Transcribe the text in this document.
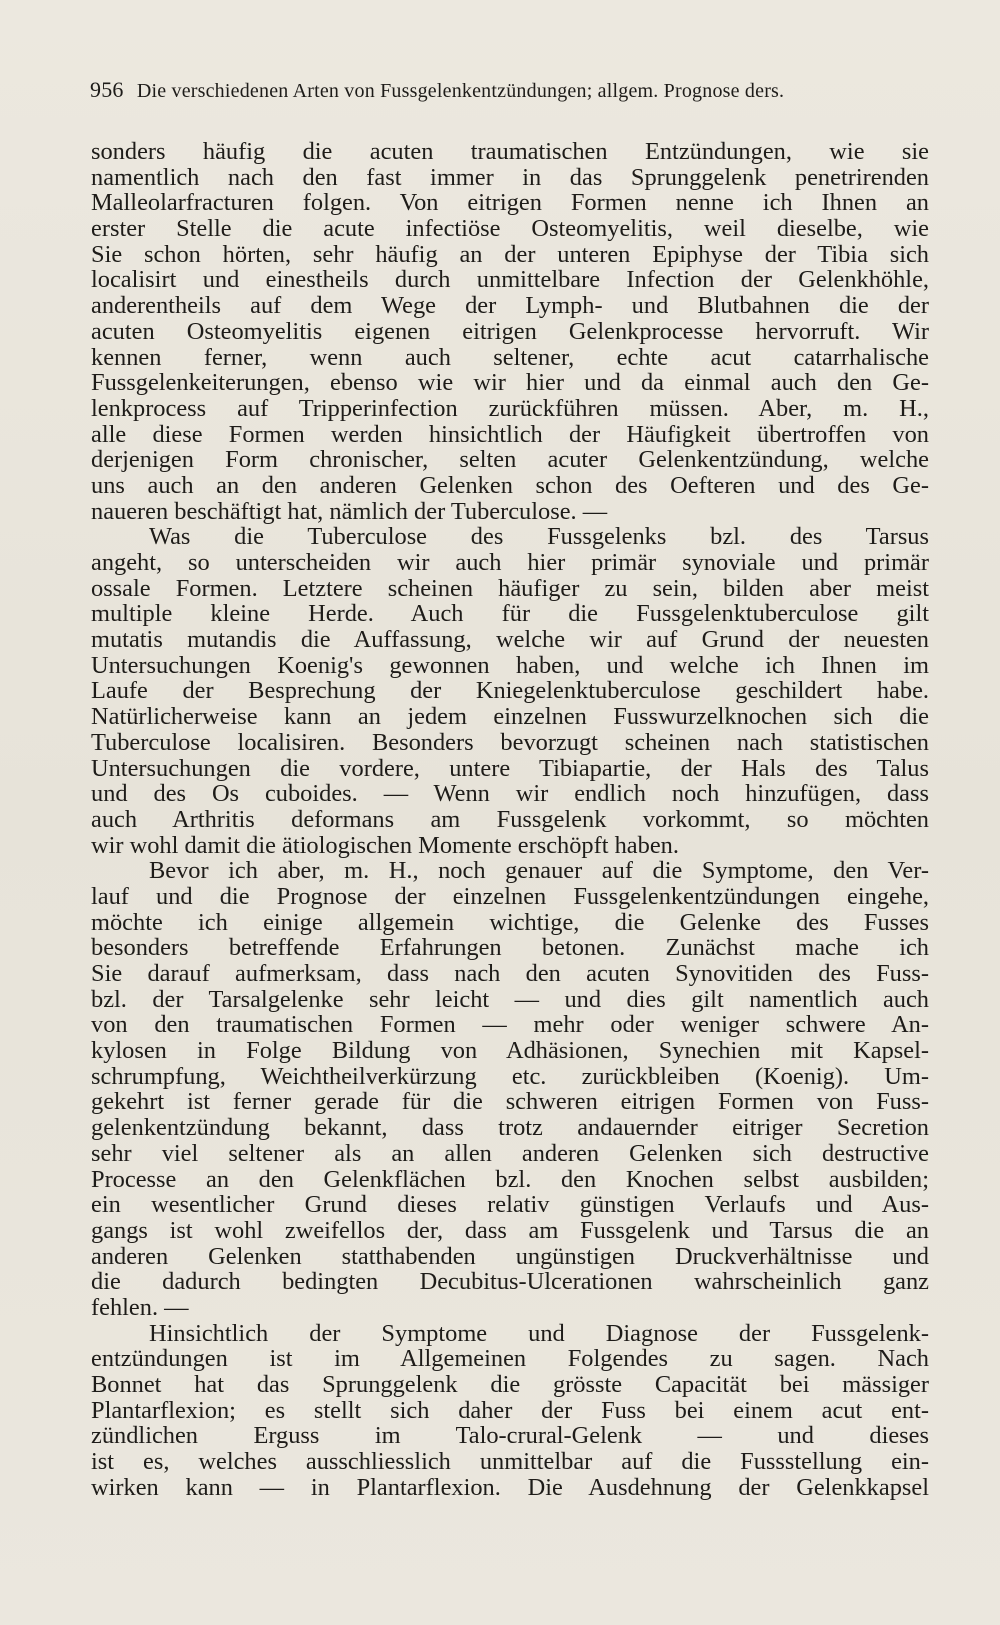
956 Die verschiedenen Arten von Fussgelenkentzündungen; allgem. Prognose ders.
sonders häufig die acuten traumatischen Entzündungen, wie sie
namentlich nach den fast immer in das Sprunggelenk penetrirenden
Malleolarfracturen folgen. Von eitrigen Formen nenne ich Ihnen an
erster Stelle die acute infectiöse Osteomyelitis, weil dieselbe, wie
Sie schon hörten, sehr häufig an der unteren Epiphyse der Tibia sich
localisirt und einestheils durch unmittelbare Infection der Gelenkhöhle,
anderentheils auf dem Wege der Lymph- und Blutbahnen die der
acuten Osteomyelitis eigenen eitrigen Gelenkprocesse hervorruft. Wir
kennen ferner, wenn auch seltener, echte acut catarrhalische
Fussgelenkeiterungen, ebenso wie wir hier und da einmal auch den Ge-
lenkprocess auf Tripperinfection zurückführen müssen. Aber, m. H.,
alle diese Formen werden hinsichtlich der Häufigkeit übertroffen von
derjenigen Form chronischer, selten acuter Gelenkentzündung, welche
uns auch an den anderen Gelenken schon des Oefteren und des Ge-
naueren beschäftigt hat, nämlich der Tuberculose. —
Was die Tuberculose des Fussgelenks bzl. des Tarsus
angeht, so unterscheiden wir auch hier primär synoviale und primär
ossale Formen. Letztere scheinen häufiger zu sein, bilden aber meist
multiple kleine Herde. Auch für die Fussgelenktuberculose gilt
mutatis mutandis die Auffassung, welche wir auf Grund der neuesten
Untersuchungen Koenig's gewonnen haben, und welche ich Ihnen im
Laufe der Besprechung der Kniegelenktuberculose geschildert habe.
Natürlicherweise kann an jedem einzelnen Fusswurzelknochen sich die
Tuberculose localisiren. Besonders bevorzugt scheinen nach statistischen
Untersuchungen die vordere, untere Tibiapartie, der Hals des Talus
und des Os cuboides. — Wenn wir endlich noch hinzufügen, dass
auch Arthritis deformans am Fussgelenk vorkommt, so möchten
wir wohl damit die ätiologischen Momente erschöpft haben.
Bevor ich aber, m. H., noch genauer auf die Symptome, den Ver-
lauf und die Prognose der einzelnen Fussgelenkentzündungen eingehe,
möchte ich einige allgemein wichtige, die Gelenke des Fusses
besonders betreffende Erfahrungen betonen. Zunächst mache ich
Sie darauf aufmerksam, dass nach den acuten Synovitiden des Fuss-
bzl. der Tarsalgelenke sehr leicht — und dies gilt namentlich auch
von den traumatischen Formen — mehr oder weniger schwere An-
kylosen in Folge Bildung von Adhäsionen, Synechien mit Kapsel-
schrumpfung, Weichtheilverkürzung etc. zurückbleiben (Koenig). Um-
gekehrt ist ferner gerade für die schweren eitrigen Formen von Fuss-
gelenkentzündung bekannt, dass trotz andauernder eitriger Secretion
sehr viel seltener als an allen anderen Gelenken sich destructive
Processe an den Gelenkflächen bzl. den Knochen selbst ausbilden;
ein wesentlicher Grund dieses relativ günstigen Verlaufs und Aus-
gangs ist wohl zweifellos der, dass am Fussgelenk und Tarsus die an
anderen Gelenken statthabenden ungünstigen Druckverhältnisse und
die dadurch bedingten Decubitus-Ulcerationen wahrscheinlich ganz
fehlen. —
Hinsichtlich der Symptome und Diagnose der Fussgelenk-
entzündungen ist im Allgemeinen Folgendes zu sagen. Nach
Bonnet hat das Sprunggelenk die grösste Capacität bei mässiger
Plantarflexion; es stellt sich daher der Fuss bei einem acut ent-
zündlichen Erguss im Talo-crural-Gelenk — und dieses
ist es, welches ausschliesslich unmittelbar auf die Fussstellung ein-
wirken kann — in Plantarflexion. Die Ausdehnung der Gelenkkapsel
